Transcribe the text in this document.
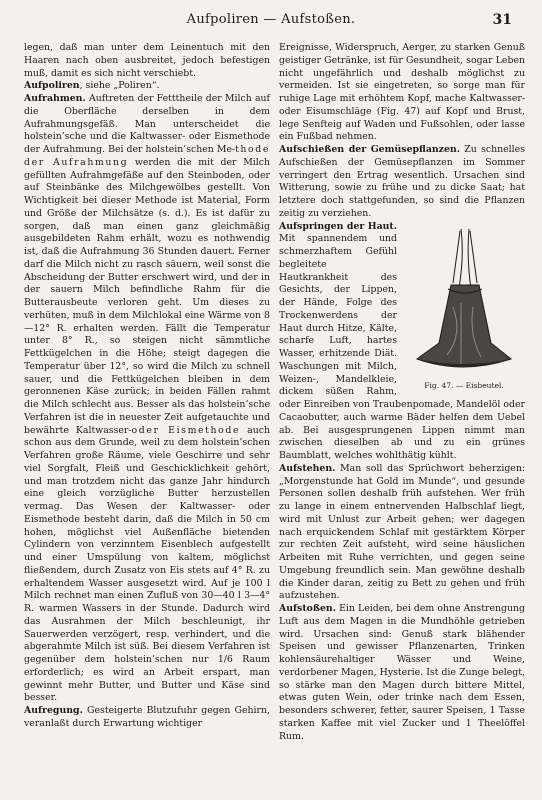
Aufpoliren — Aufstoßen.	31

legen, daß man unter dem Leinentuch mit den Haaren nach oben ausbreitet, jedoch befestigen muß, damit es sich nicht verschiebt.

Aufpoliren, siehe „Poliren“.

Aufrahmen. Auftreten der Fetttheile der Milch auf die Oberfläche derselben in dem Aufrahmungsgefäß. Man unterscheidet die holstein’sche und die Kaltwasser- oder Eismethode der Aufrahmung. Bei der holstein’schen Me-thode der Aufrahmung werden die mit der Milch gefüllten Aufrahmgefäße auf den Steinboden, oder auf Steinbänke des Milchgewölbes gestellt. Von Wichtigkeit bei dieser Methode ist Material, Form und Größe der Milchsätze (s. d.). Es ist dafür zu sorgen, daß man einen ganz gleichmäßig ausgebildeten Rahm erhält, wozu es nothwendig ist, daß die Aufrahmung 36 Stunden dauert. Ferner darf die Milch nicht zu rasch säuern, weil sonst die Abscheidung der Butter erschwert wird, und der in der sauern Milch befindliche Rahm für die Butterausbeute verloren geht. Um dieses zu verhüten, muß in dem Milchlokal eine Wärme von 8—12° R. erhalten werden. Fällt die Temperatur unter 8° R., so steigen nicht sämmtliche Fettkügelchen in die Höhe; steigt dagegen die Temperatur über 12°, so wird die Milch zu schnell sauer, und die Fettkügelchen bleiben in dem geronnenen Käse zurück; in beiden Fällen rahmt die Milch schlecht aus. Besser als das holstein’sche Verfahren ist die in neuester Zeit aufgetauchte und bewährte Kaltwasser-oder Eismethode auch schon aus dem Grunde, weil zu dem holstein’schen Verfahren große Räume, viele Geschirre und sehr viel Sorgfalt, Fleiß und Geschicklichkeit gehört, und man trotzdem nicht das ganze Jahr hindurch eine gleich vorzügliche Butter herzustellen vermag. Das Wesen der Kaltwasser- oder Eismethode besteht darin, daß die Milch in 50 cm hohen, möglichst viel Außenfläche bietenden Cylindern von verzinntem Eisenblech aufgestellt und einer Umspülung von kaltem, möglichst fließendem, durch Zusatz von Eis stets auf 4° R. zu erhaltendem Wasser ausgesetzt wird. Auf je 100 l Milch rechnet man einen Zufluß von 30—40 l 3—4° R. warmen Wassers in der Stunde. Dadurch wird das Ausrahmen der Milch beschleunigt, ihr Sauerwerden verzögert, resp. verhindert, und die abgerahmte Milch ist süß. Bei diesem Verfahren ist gegenüber dem holstein’schen nur 1/6 Raum erforderlich; es wird an Arbeit erspart, man gewinnt mehr Butter, und Butter und Käse sind besser.

Aufregung. Gesteigerte Blutzufuhr gegen Gehirn, veranlaßt durch Erwartung wichtiger

Ereignisse, Widerspruch, Aerger, zu starken Genuß geistiger Getränke, ist für Gesundheit, sogar Leben nicht ungefährlich und deshalb möglichst zu vermeiden. Ist sie eingetreten, so sorge man für ruhige Lage mit erhöhtem Kopf, mache Kaltwasser- oder Eisumschläge (Fig. 47) auf Kopf und Brust, lege Senfteig auf Waden und Fußsohlen, oder lasse ein Fußbad nehmen.

Aufschießen der Gemüsepflanzen. Zu schnelles Aufschießen der Gemüsepflanzen im Sommer verringert den Ertrag wesentlich. Ursachen sind Witterung, sowie zu frühe und zu dicke Saat; hat letztere doch stattgefunden, so sind die Pflanzen zeitig zu verziehen.

Fig. 47. — Eisbeutel.
Aufspringen der Haut. Mit spannendem und schmerzhaftem Gefühl begleitete Hautkrankheit des Gesichts, der Lippen, der Hände, Folge des Trockenwerdens der Haut durch Hitze, Kälte, scharfe Luft, hartes Wasser, erhitzende Diät. Waschungen mit Milch, Weizen-, Mandelkleie, dickem süßen Rahm, oder Einreiben von Traubenpomade, Mandelöl oder Cacaobutter, auch warme Bäder helfen dem Uebel ab. Bei ausgesprungenen Lippen nimmt man zwischen dieselben ab und zu ein grünes Baumblatt, welches wohlthätig kühlt.

Aufstehen. Man soll das Sprüchwort beherzigen: „Morgenstunde hat Gold im Munde“, und gesunde Personen sollen deshalb früh aufstehen. Wer früh zu lange in einem entnervenden Halbschlaf liegt, wird mit Unlust zur Arbeit gehen; wer dagegen nach erquickendem Schlaf mit gestärktem Körper zur rechten Zeit aufsteht, wird seine häuslichen Arbeiten mit Ruhe verrichten, und gegen seine Umgebung freundlich sein. Man gewöhne deshalb die Kinder daran, zeitig zu Bett zu gehen und früh aufzustehen.

Aufstoßen. Ein Leiden, bei dem ohne Anstrengung Luft aus dem Magen in die Mundhöhle getrieben wird. Ursachen sind: Genuß stark blähender Speisen und gewisser Pflanzenarten, Trinken kohlensäurehaltiger Wässer und Weine, verdorbener Magen, Hysterie. Ist die Zunge belegt, so stärke man den Magen durch bittere Mittel, etwas guten Wein, oder trinke nach dem Essen, besonders schwerer, fetter, saurer Speisen, 1 Tasse starken Kaffee mit viel Zucker und 1 Theelöffel Rum.
